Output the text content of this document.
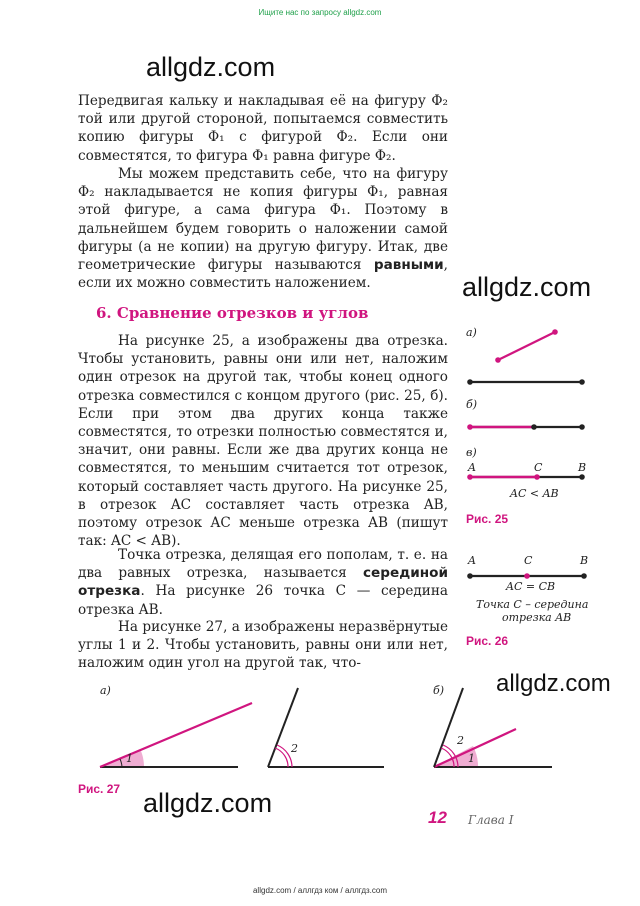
Ищите нас по запросу allgdz.com
allgdz.com
allgdz.com
allgdz.com
allgdz.com

Передвигая кальку и накладывая её на фигуру Φ₂ той или другой стороной, попытаемся совместить копию фигуры Φ₁ с фигурой Φ₂. Если они совместятся, то фигура Φ₁ равна фигуре Φ₂.

Мы можем представить себе, что на фигуру Φ₂ накладывается не копия фигуры Φ₁, равная этой фигуре, а сама фигура Φ₁. Поэтому в дальнейшем будем говорить о наложении самой фигуры (а не копии) на другую фигуру. Итак, две геометрические фигуры называются равными, если их можно совместить наложением.

6. Сравнение отрезков и углов

На рисунке 25, а изображены два отрезка. Чтобы установить, равны они или нет, наложим один отрезок на другой так, чтобы конец одного отрезка совместился с концом другого (рис. 25, б). Если при этом два других конца также совместятся, то отрезки полностью совместятся и, значит, они равны. Если же два других конца не совместятся, то меньшим считается тот отрезок, который составляет часть другого. На рисунке 25, в отрезок AC составляет часть отрезка AB, поэтому отрезок AC меньше отрезка AB (пишут так: AC < AB).

Точка отрезка, делящая его пополам, т. е. на два равных отрезка, называется серединой отрезка. На рисунке 26 точка C — середина отрезка AB.

На рисунке 27, а изображены неразвёрнутые углы 1 и 2. Чтобы установить, равны они или нет, наложим один угол на другой так, что-

а)
б)
в)
A	C	B
AC < AB
Рис. 25
A	C	B
AC = CB
Точка C – середина
отрезка AB
Рис. 26
а)	б)
1
2
2
1
Рис. 27
12 Глава I
allgdz.com / аллгдз ком / аллгдз.com
